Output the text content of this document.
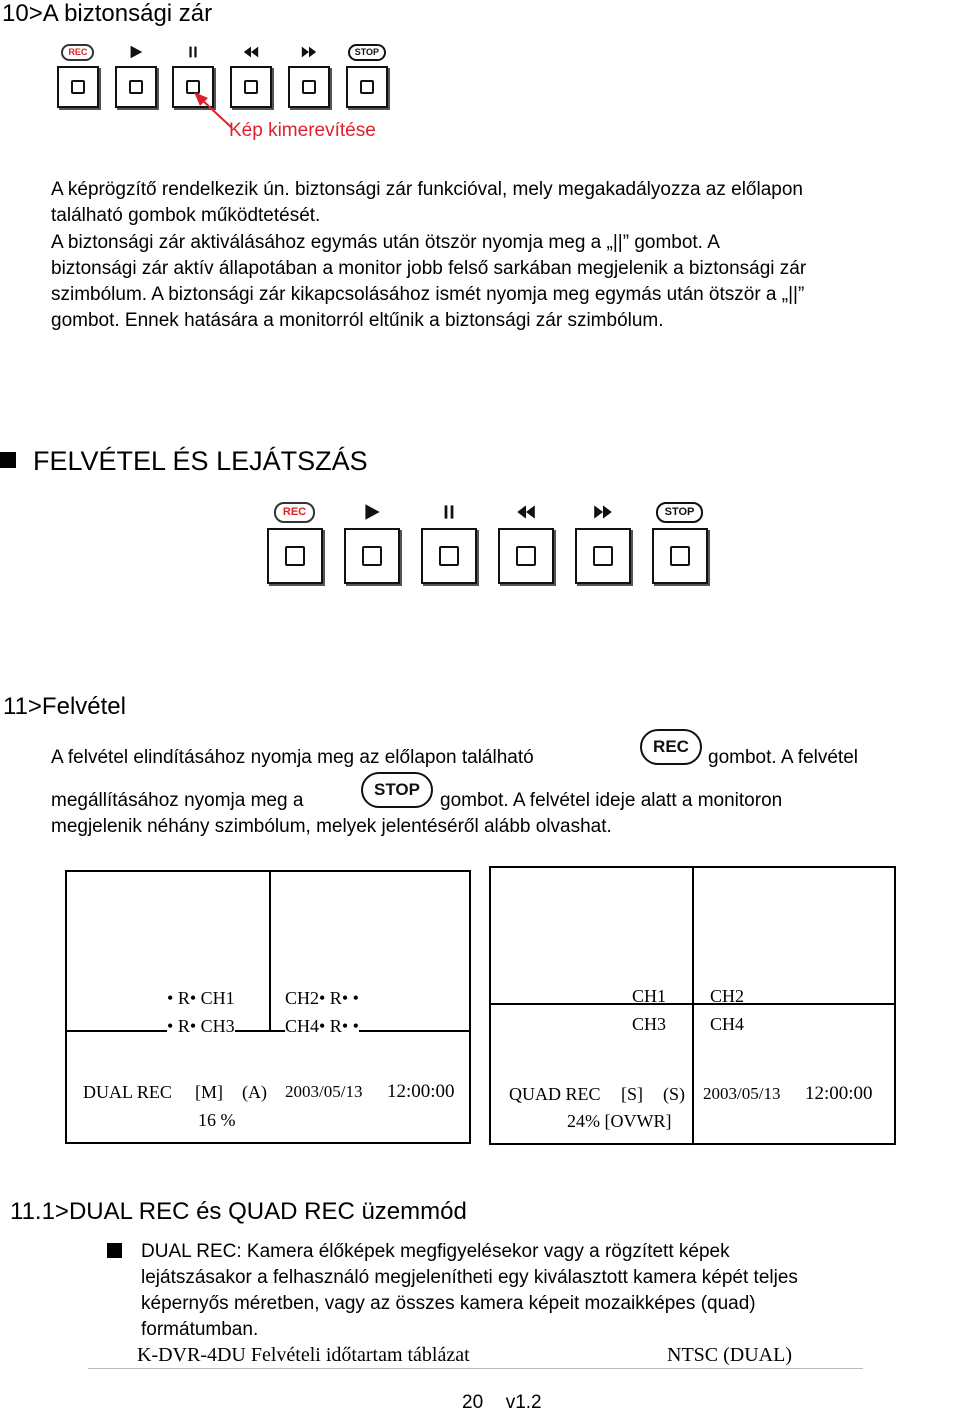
10>A biztonsági zár
REC	STOP
Kép kimerevítése

A képrögzítő rendelkezik ún. biztonsági zár funkcióval, mely megakadályozza az előlapon

található gombok működtetését.

A biztonsági zár aktiválásához egymás után ötször nyomja meg a „||” gombot. A

biztonsági zár aktív állapotában a monitor jobb felső sarkában megjelenik a biztonsági zár

szimbólum. A biztonsági zár kikapcsolásához ismét nyomja meg egymás után ötször a „||”

gombot. Ennek hatására a monitorról eltűnik a biztonsági zár szimbólum.

FELVÉTEL ÉS LEJÁTSZÁS
REC	STOP
11>Felvétel
A felvétel elindításához nyomja meg az előlapon található
REC
gombot. A felvétel
megállításához nyomja meg a
STOP
gombot. A felvétel ideje alatt a monitoron
megjelenik néhány szimbólum, melyek jelentéséről alább olvashat.
• R• CH1
• R• CH3
CH2• R• •
CH4• R• •
DUAL REC [M] (A) 2003/05/13 12:00:00
16 %
CH1
CH3
CH2
CH4
QUAD REC [S] (S) 2003/05/13 12:00:00
24% [OVWR]
11.1>DUAL REC és QUAD REC üzemmód

DUAL REC: Kamera élőképek megfigyelésekor vagy a rögzített képek

lejátszásakor a felhasználó megjelenítheti egy kiválasztott kamera képét teljes

képernyős méretben, vagy az összes kamera képeit mozaikképes (quad)

formátumban.

K-DVR-4DU Felvételi időtartam táblázat	NTSC (DUAL)
20 v1.2
